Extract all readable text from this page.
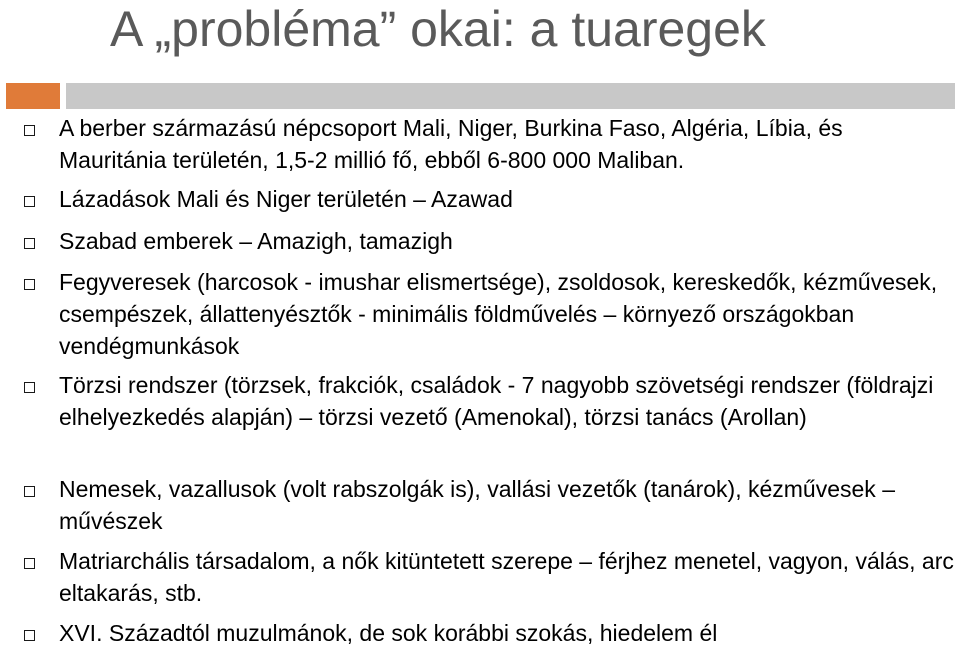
A „probléma” okai: a tuaregek
A berber származású népcsoport Mali, Niger, Burkina Faso, Algéria, Líbia, és Mauritánia területén, 1,5-2 millió fő, ebből 6-800 000 Maliban.
Lázadások Mali és Niger területén – Azawad
Szabad emberek – Amazigh, tamazigh
Fegyveresek (harcosok - imushar elismertsége), zsoldosok, kereskedők, kézművesek, csempészek, állattenyésztők - minimális földművelés – környező országokban vendégmunkások
Törzsi rendszer (törzsek, frakciók, családok - 7 nagyobb szövetségi rendszer (földrajzi elhelyezkedés alapján) – törzsi vezető (Amenokal), törzsi tanács (Arollan)
Nemesek, vazallusok (volt rabszolgák is), vallási vezetők (tanárok), kézművesek – művészek
Matriarchális társadalom, a nők kitüntetett szerepe – férjhez menetel, vagyon, válás, arc eltakarás, stb.
XVI. Századtól muzulmánok, de sok korábbi szokás, hiedelem él
